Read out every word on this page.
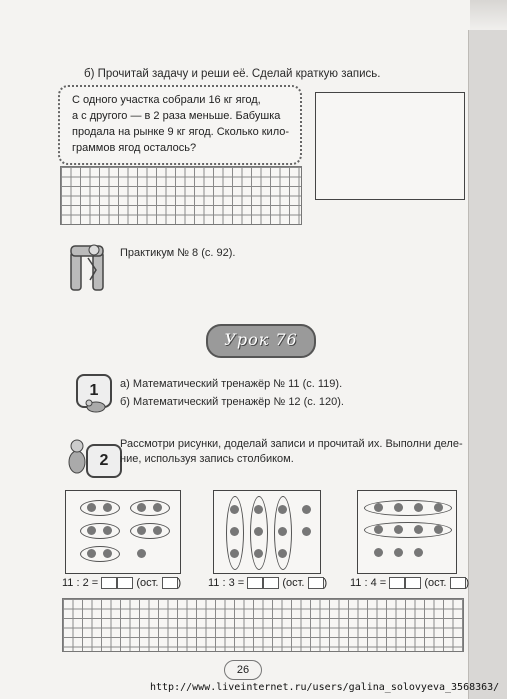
б) Прочитай задачу и реши её. Сделай краткую запись.
С одного участка собрали 16 кг ягод,
а с другого — в 2 раза меньше. Бабушка
продала на рынке 9 кг ягод. Сколько кило-
граммов ягод осталось?
Практикум № 8 (с. 92).
Урок 76
1	а) Математический тренажёр № 11 (с. 119).
б) Математический тренажёр № 12 (с. 120).
2
Рассмотри рисунки, доделай записи и прочитай их. Выполни деле-
ние, используя запись столбиком.
11 : 2 =	(ост. ) 11 : 3 =	(ост. ) 11 : 4 =	(ост. )
26
http://www.liveinternet.ru/users/galina_solovyeva_3568363/
